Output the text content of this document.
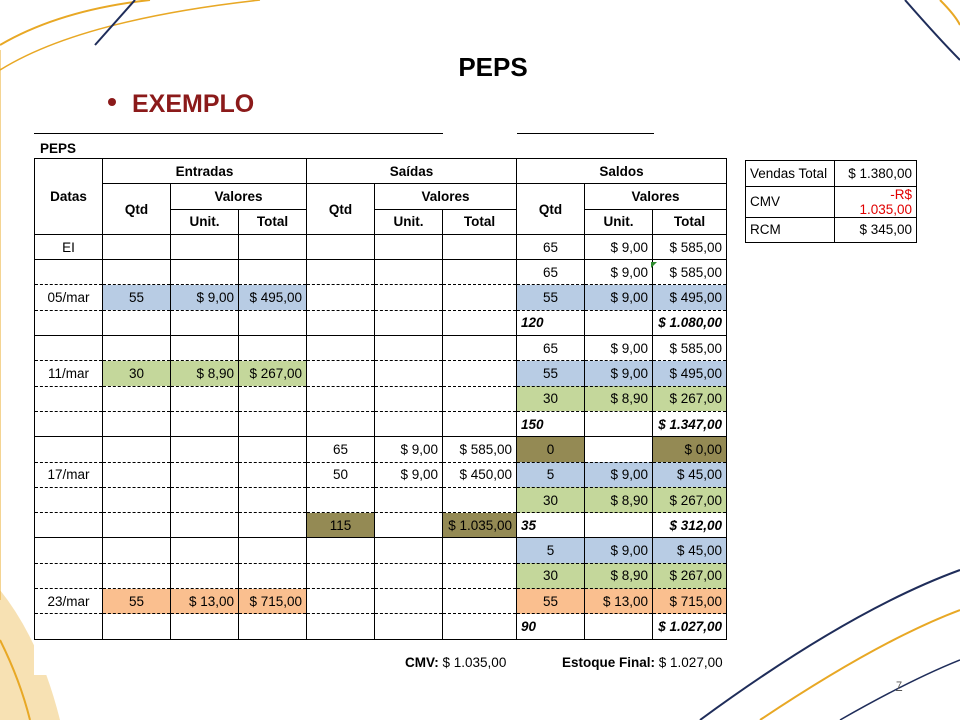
PEPS
EXEMPLO
PEPS
Datas	Entradas			Saídas			Saldos		
	Qtd	Valores		Qtd	Valores		Qtd	Valores	
		Unit.	Total		Unit.	Total		Unit.	Total
EI							65	$ 9,00	$ 585,00
							65	$ 9,00	$ 585,00
05/mar	55	$ 9,00	$ 495,00				55	$ 9,00	$ 495,00
							120		$ 1.080,00
							65	$ 9,00	$ 585,00
11/mar	30	$ 8,90	$ 267,00				55	$ 9,00	$ 495,00
							30	$ 8,90	$ 267,00
							150		$ 1.347,00
				65	$ 9,00	$ 585,00	0		$ 0,00
17/mar				50	$ 9,00	$ 450,00	5	$ 9,00	$ 45,00
							30	$ 8,90	$ 267,00
				115		$ 1.035,00	35		$ 312,00
							5	$ 9,00	$ 45,00
							30	$ 8,90	$ 267,00
23/mar	55	$ 13,00	$ 715,00				55	$ 13,00	$ 715,00
							90		$ 1.027,00
Vendas Total	$ 1.380,00
CMV	-R$ 1.035,00
RCM	$ 345,00
CMV: $ 1.035,00	Estoque Final: $ 1.027,00
7
